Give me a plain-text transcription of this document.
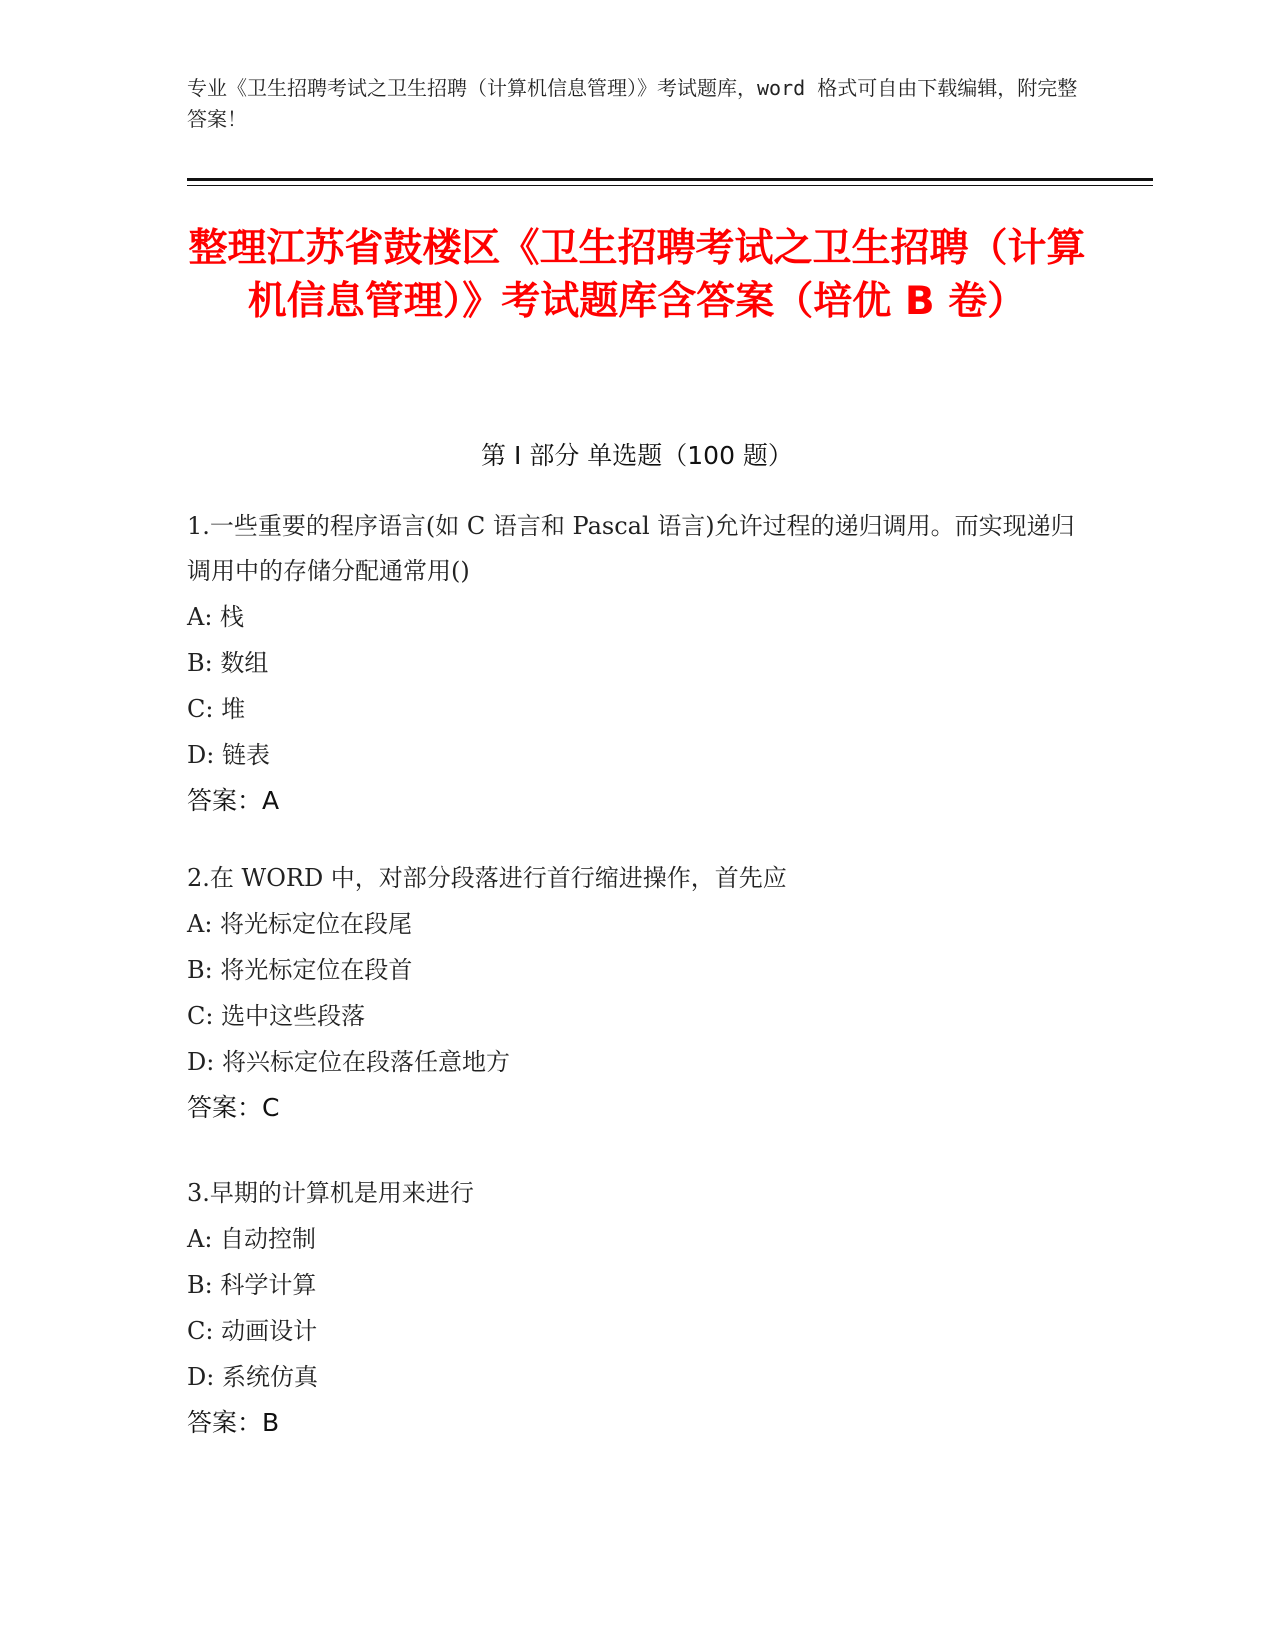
专业《卫生招聘考试之卫生招聘（计算机信息管理）》考试题库，word 格式可自由下载编辑，附完整答案！
整理江苏省鼓楼区《卫生招聘考试之卫生招聘（计算机信息管理）》考试题库含答案（培优 B 卷）
第 I 部分 单选题（100 题）

1.一些重要的程序语言(如 C 语言和 Pascal 语言)允许过程的递归调用。而实现递归调用中的存储分配通常用()

A: 栈

B: 数组

C: 堆

D: 链表

答案：A

2.在 WORD 中，对部分段落进行首行缩进操作，首先应

A: 将光标定位在段尾

B: 将光标定位在段首

C: 选中这些段落

D: 将兴标定位在段落任意地方

答案：C

3.早期的计算机是用来进行

A: 自动控制

B: 科学计算

C: 动画设计

D: 系统仿真

答案：B
